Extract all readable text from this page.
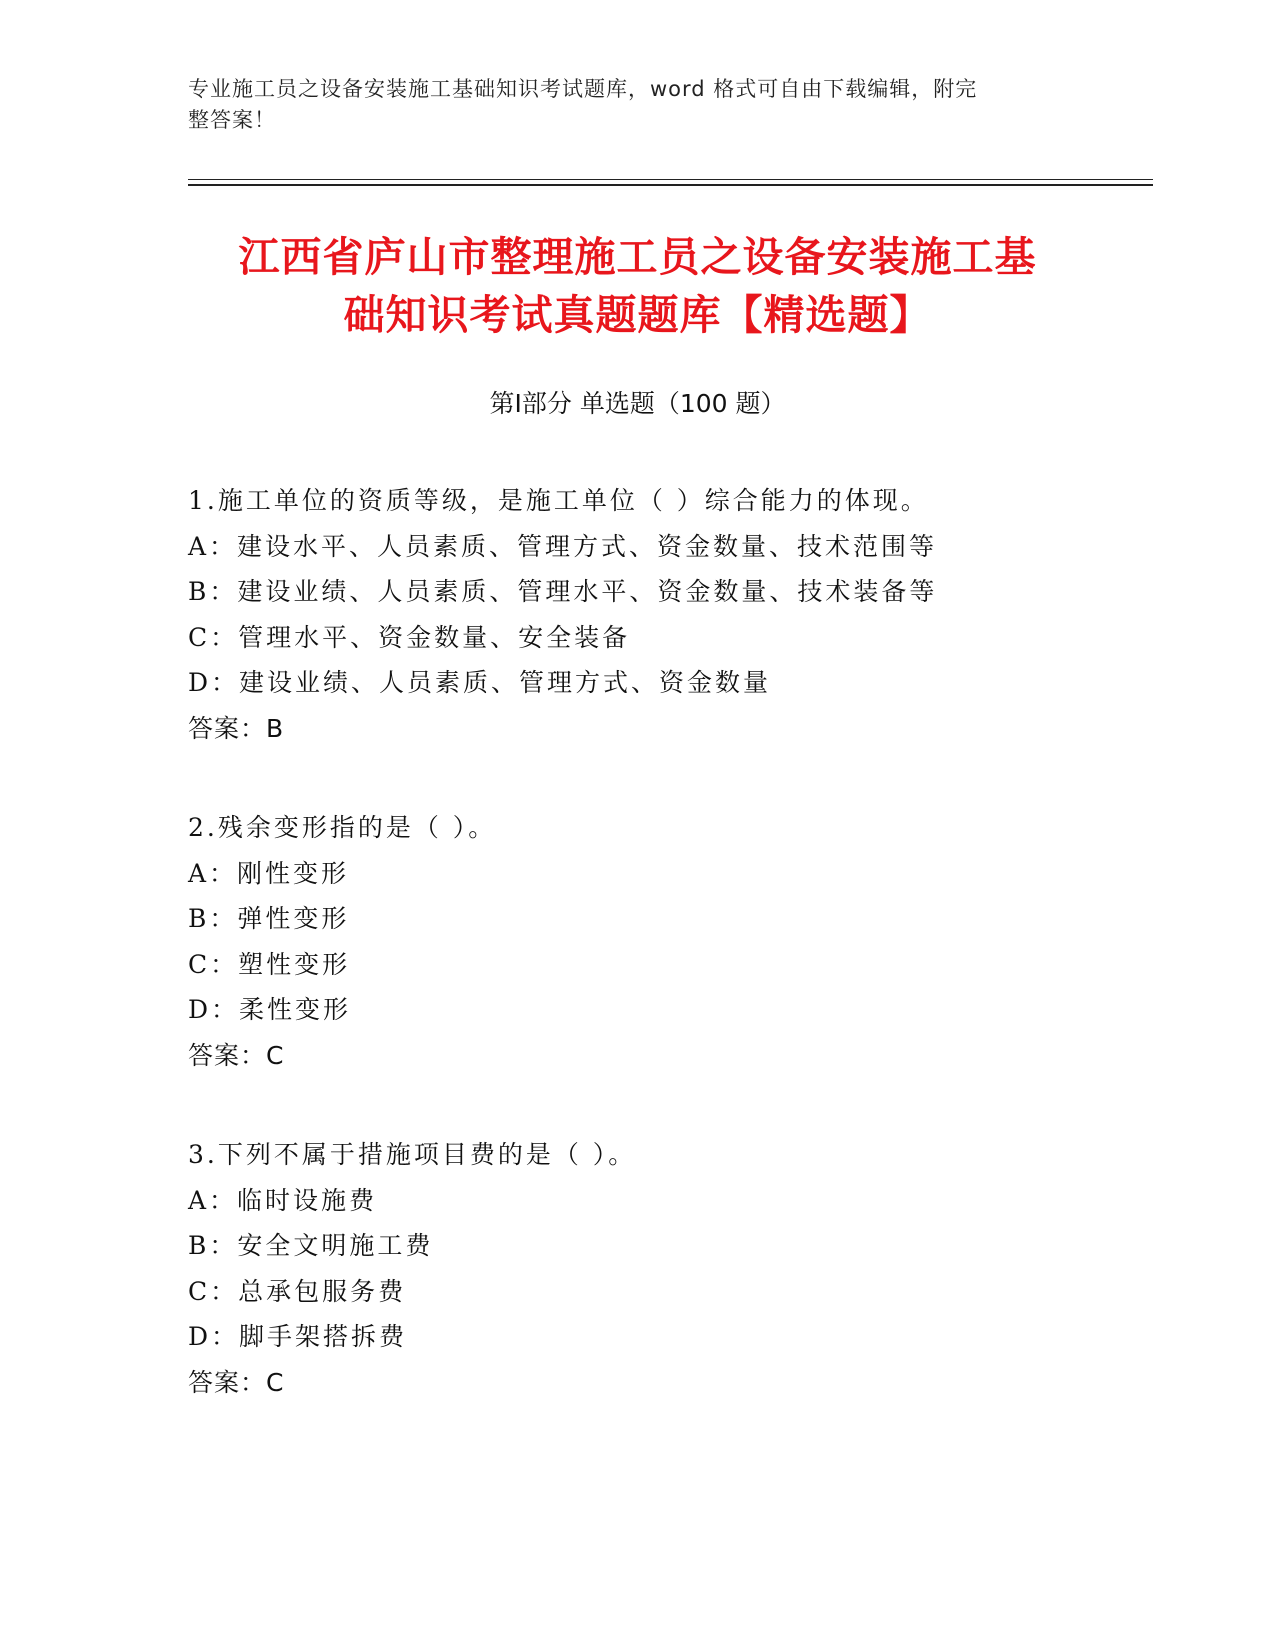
专业施工员之设备安装施工基础知识考试题库，word 格式可自由下载编辑，附完
整答案！
江西省庐山市整理施工员之设备安装施工基
础知识考试真题题库【精选题】
第Ⅰ部分 单选题（100 题）
1.施工单位的资质等级，是施工单位（ ）综合能力的体现。
A：建设水平、人员素质、管理方式、资金数量、技术范围等
B：建设业绩、人员素质、管理水平、资金数量、技术装备等
C：管理水平、资金数量、安全装备
D：建设业绩、人员素质、管理方式、资金数量
答案：B
2.残余变形指的是（ ）。
A：刚性变形
B：弹性变形
C：塑性变形
D：柔性变形
答案：C
3.下列不属于措施项目费的是（ ）。
A：临时设施费
B：安全文明施工费
C：总承包服务费
D：脚手架搭拆费
答案：C
